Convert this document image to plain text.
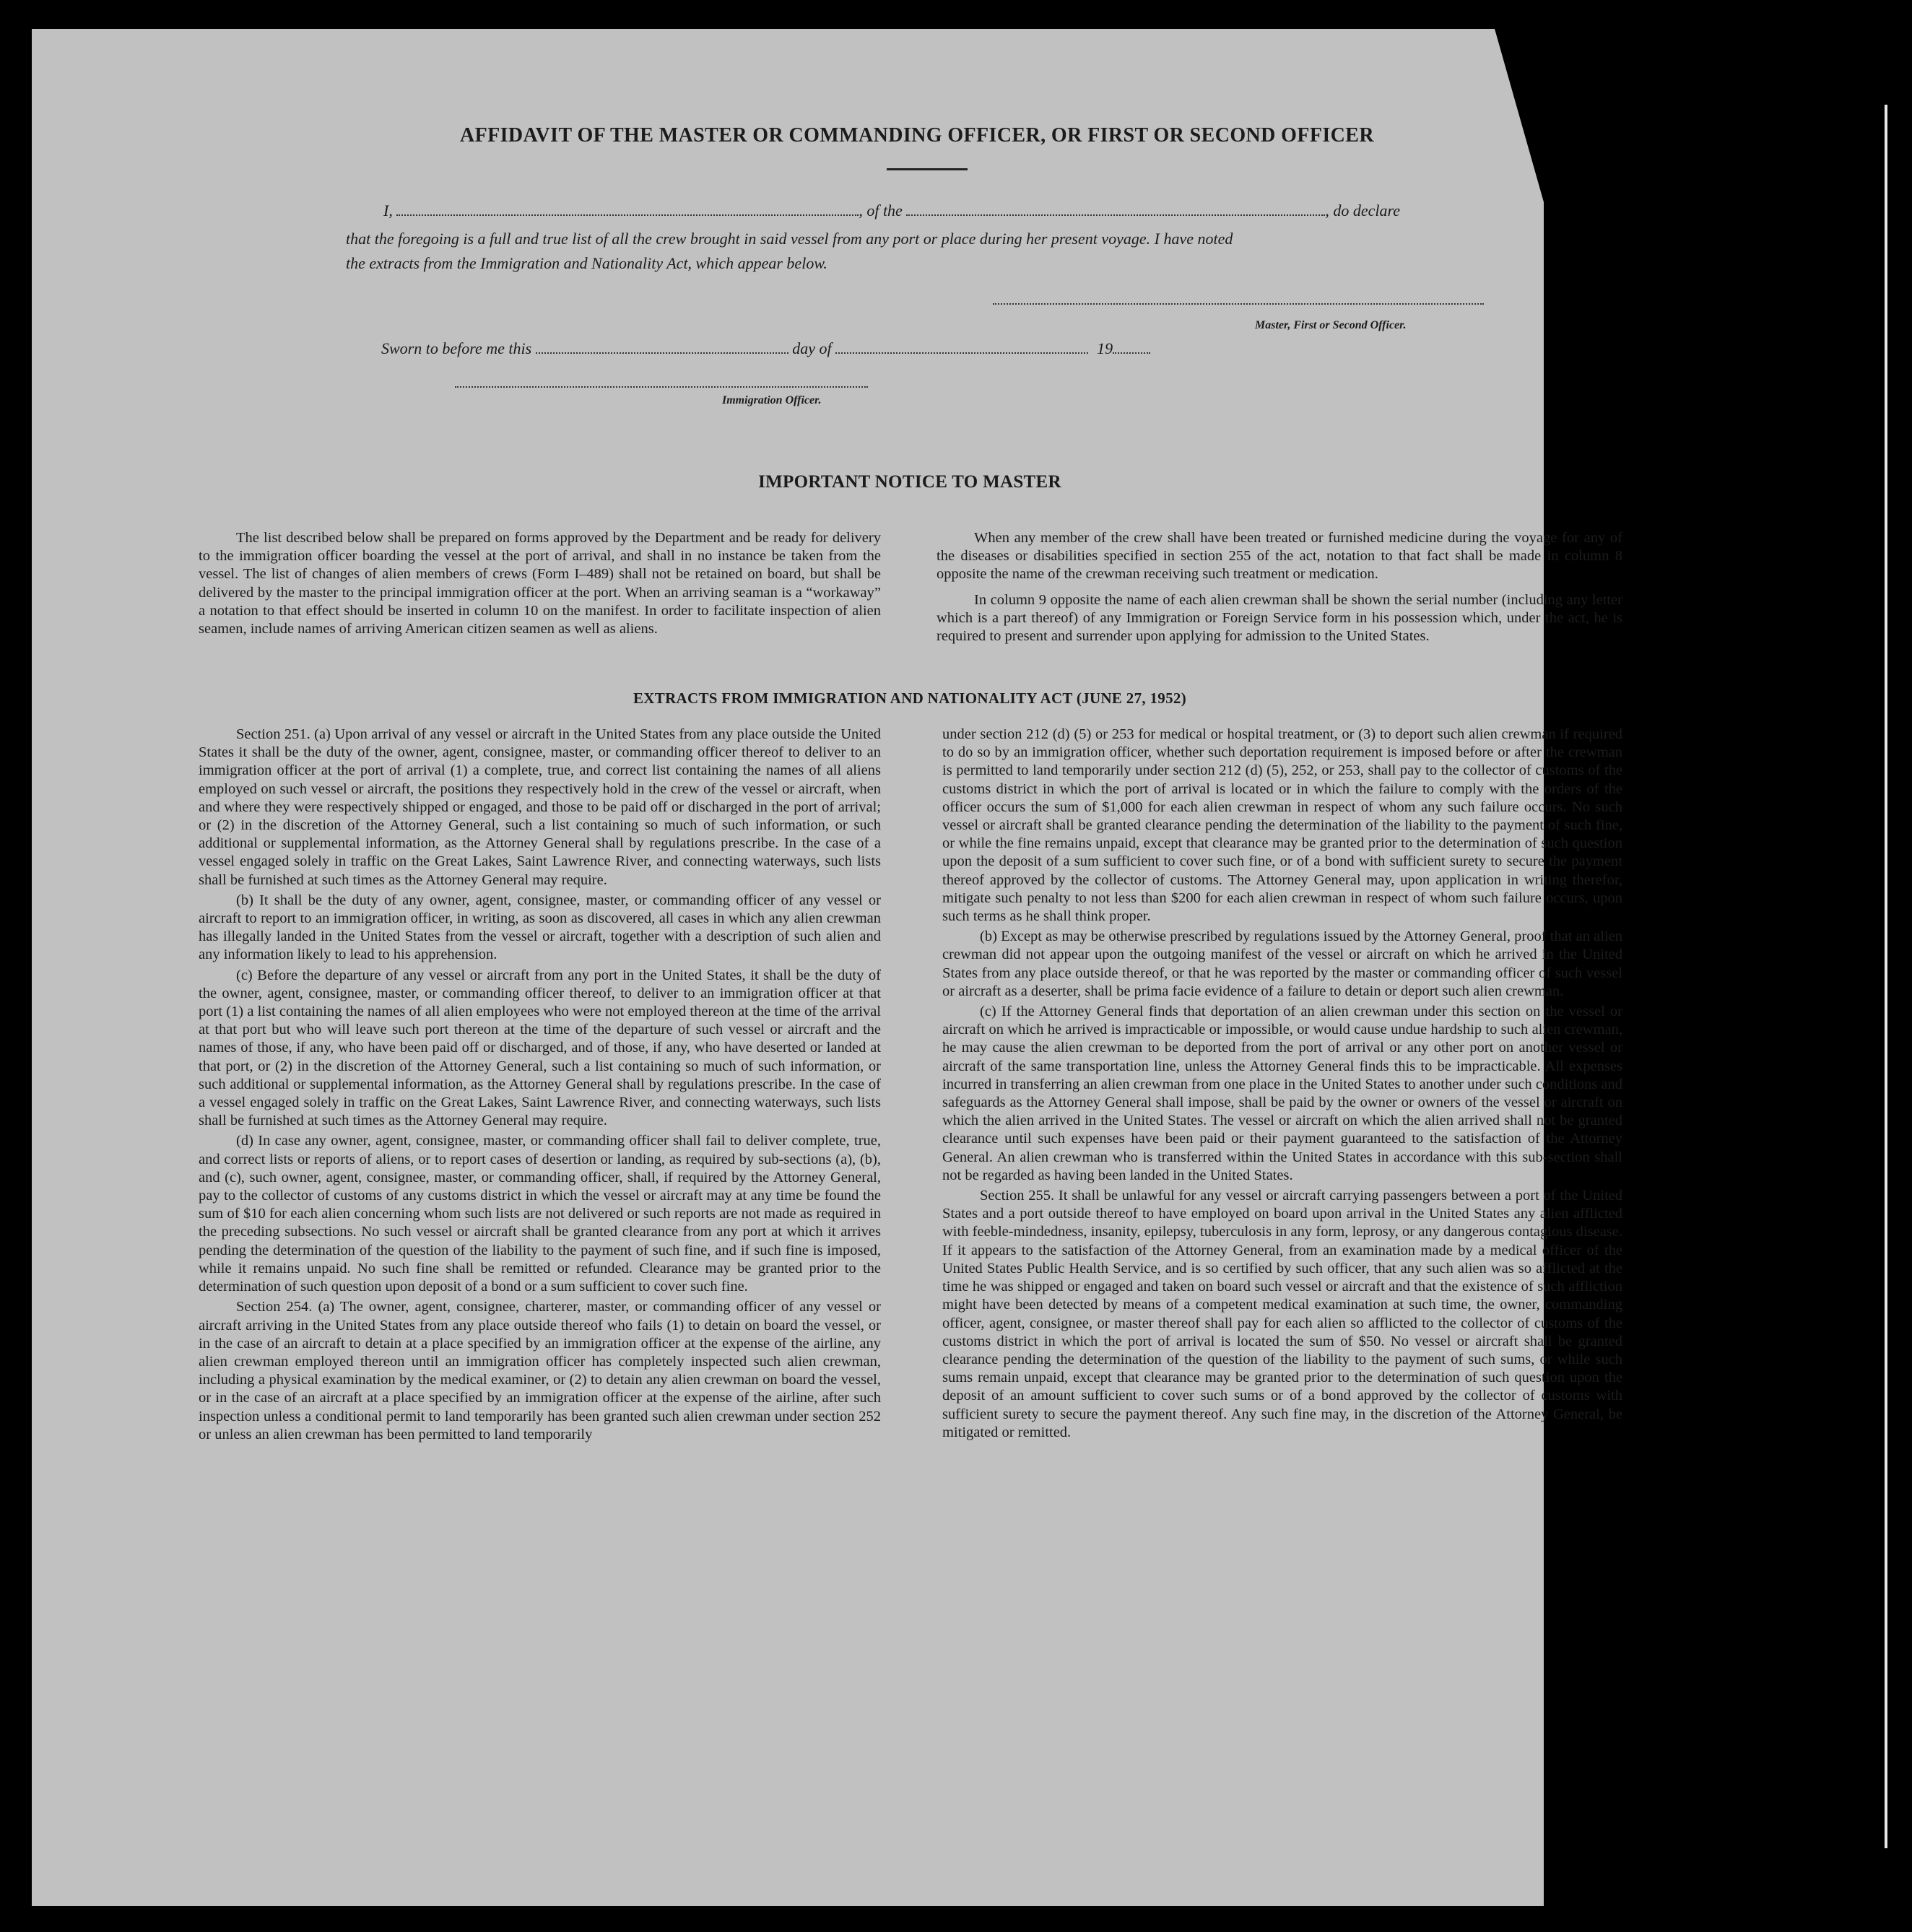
AFFIDAVIT OF THE MASTER OR COMMANDING OFFICER, OR FIRST OR SECOND OFFICER
I,	, of the	, do declare
that the foregoing is a full and true list of all the crew brought in said vessel from any port or place during her present voyage. I have noted
the extracts from the Immigration and Nationality Act, which appear below.
Master, First or Second Officer.
Sworn to before me this	day of	19
Immigration Officer.
IMPORTANT NOTICE TO MASTER

The list described below shall be prepared on forms approved by the Department and be ready for delivery to the immigration officer boarding the vessel at the port of arrival, and shall in no instance be taken from the vessel. The list of changes of alien members of crews (Form I–489) shall not be retained on board, but shall be delivered by the master to the principal immigration officer at the port. When an arriving seaman is a “workaway” a notation to that effect should be inserted in column 10 on the manifest. In order to facilitate inspection of alien seamen, include names of arriving American citizen seamen as well as aliens.

When any member of the crew shall have been treated or furnished medicine during the voyage for any of the diseases or disabilities specified in section 255 of the act, notation to that fact shall be made in column 8 opposite the name of the crewman receiving such treatment or medication.

In column 9 opposite the name of each alien crewman shall be shown the serial number (including any letter which is a part thereof) of any Immigration or Foreign Service form in his possession which, under the act, he is required to present and surrender upon applying for admission to the United States.

EXTRACTS FROM IMMIGRATION AND NATIONALITY ACT (JUNE 27, 1952)

Section 251. (a) Upon arrival of any vessel or aircraft in the United States from any place outside the United States it shall be the duty of the owner, agent, consignee, master, or commanding officer thereof to deliver to an immigration officer at the port of arrival (1) a complete, true, and correct list containing the names of all aliens employed on such vessel or aircraft, the positions they respectively hold in the crew of the vessel or aircraft, when and where they were respectively shipped or engaged, and those to be paid off or discharged in the port of arrival; or (2) in the discretion of the Attorney General, such a list containing so much of such information, or such additional or supplemental information, as the Attorney General shall by regulations prescribe. In the case of a vessel engaged solely in traffic on the Great Lakes, Saint Lawrence River, and connecting waterways, such lists shall be furnished at such times as the Attorney General may require.

(b) It shall be the duty of any owner, agent, consignee, master, or commanding officer of any vessel or aircraft to report to an immigration officer, in writing, as soon as discovered, all cases in which any alien crewman has illegally landed in the United States from the vessel or aircraft, together with a description of such alien and any information likely to lead to his apprehension.

(c) Before the departure of any vessel or aircraft from any port in the United States, it shall be the duty of the owner, agent, consignee, master, or commanding officer thereof, to deliver to an immigration officer at that port (1) a list containing the names of all alien employees who were not employed thereon at the time of the arrival at that port but who will leave such port thereon at the time of the departure of such vessel or aircraft and the names of those, if any, who have been paid off or discharged, and of those, if any, who have deserted or landed at that port, or (2) in the discretion of the Attorney General, such a list containing so much of such information, or such additional or supplemental information, as the Attorney General shall by regulations prescribe. In the case of a vessel engaged solely in traffic on the Great Lakes, Saint Lawrence River, and connecting waterways, such lists shall be furnished at such times as the Attorney General may require.

(d) In case any owner, agent, consignee, master, or commanding officer shall fail to deliver complete, true, and correct lists or reports of aliens, or to report cases of desertion or landing, as required by sub-sections (a), (b), and (c), such owner, agent, consignee, master, or commanding officer, shall, if required by the Attorney General, pay to the collector of customs of any customs district in which the vessel or aircraft may at any time be found the sum of $10 for each alien concerning whom such lists are not delivered or such reports are not made as required in the preceding subsections. No such vessel or aircraft shall be granted clearance from any port at which it arrives pending the determination of the question of the liability to the payment of such fine, and if such fine is imposed, while it remains unpaid. No such fine shall be remitted or refunded. Clearance may be granted prior to the determination of such question upon deposit of a bond or a sum sufficient to cover such fine.

Section 254. (a) The owner, agent, consignee, charterer, master, or commanding officer of any vessel or aircraft arriving in the United States from any place outside thereof who fails (1) to detain on board the vessel, or in the case of an aircraft to detain at a place specified by an immigration officer at the expense of the airline, any alien crewman employed thereon until an immigration officer has completely inspected such alien crewman, including a physical examination by the medical examiner, or (2) to detain any alien crewman on board the vessel, or in the case of an aircraft at a place specified by an immigration officer at the expense of the airline, after such inspection unless a conditional permit to land temporarily has been granted such alien crewman under section 252 or unless an alien crewman has been permitted to land temporarily

under section 212 (d) (5) or 253 for medical or hospital treatment, or (3) to deport such alien crewman if required to do so by an immigration officer, whether such deportation requirement is imposed before or after the crewman is permitted to land temporarily under section 212 (d) (5), 252, or 253, shall pay to the collector of customs of the customs district in which the port of arrival is located or in which the failure to comply with the orders of the officer occurs the sum of $1,000 for each alien crewman in respect of whom any such failure occurs. No such vessel or aircraft shall be granted clearance pending the determination of the liability to the payment of such fine, or while the fine remains unpaid, except that clearance may be granted prior to the determination of such question upon the deposit of a sum sufficient to cover such fine, or of a bond with sufficient surety to secure the payment thereof approved by the collector of customs. The Attorney General may, upon application in writing therefor, mitigate such penalty to not less than $200 for each alien crewman in respect of whom such failure occurs, upon such terms as he shall think proper.

(b) Except as may be otherwise prescribed by regulations issued by the Attorney General, proof that an alien crewman did not appear upon the outgoing manifest of the vessel or aircraft on which he arrived in the United States from any place outside thereof, or that he was reported by the master or commanding officer of such vessel or aircraft as a deserter, shall be prima facie evidence of a failure to detain or deport such alien crewman.

(c) If the Attorney General finds that deportation of an alien crewman under this section on the vessel or aircraft on which he arrived is impracticable or impossible, or would cause undue hardship to such alien crewman, he may cause the alien crewman to be deported from the port of arrival or any other port on another vessel or aircraft of the same transportation line, unless the Attorney General finds this to be impracticable. All expenses incurred in transferring an alien crewman from one place in the United States to another under such conditions and safeguards as the Attorney General shall impose, shall be paid by the owner or owners of the vessel or aircraft on which the alien arrived in the United States. The vessel or aircraft on which the alien arrived shall not be granted clearance until such expenses have been paid or their payment guaranteed to the satisfaction of the Attorney General. An alien crewman who is transferred within the United States in accordance with this sub-section shall not be regarded as having been landed in the United States.

Section 255. It shall be unlawful for any vessel or aircraft carrying passengers between a port of the United States and a port outside thereof to have employed on board upon arrival in the United States any alien afflicted with feeble-mindedness, insanity, epilepsy, tuberculosis in any form, leprosy, or any dangerous contagious disease. If it appears to the satisfaction of the Attorney General, from an examination made by a medical officer of the United States Public Health Service, and is so certified by such officer, that any such alien was so afflicted at the time he was shipped or engaged and taken on board such vessel or aircraft and that the existence of such affliction might have been detected by means of a competent medical examination at such time, the owner, commanding officer, agent, consignee, or master thereof shall pay for each alien so afflicted to the collector of customs of the customs district in which the port of arrival is located the sum of $50. No vessel or aircraft shall be granted clearance pending the determination of the question of the liability to the payment of such sums, or while such sums remain unpaid, except that clearance may be granted prior to the determination of such question upon the deposit of an amount sufficient to cover such sums or of a bond approved by the collector of customs with sufficient surety to secure the payment thereof. Any such fine may, in the discretion of the Attorney General, be mitigated or remitted.
